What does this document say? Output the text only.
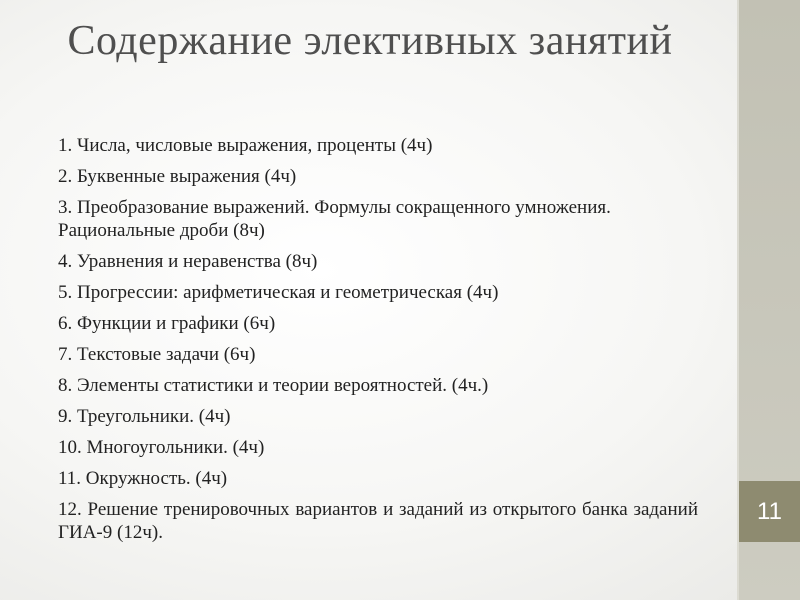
11
Содержание элективных занятий

1. Числа, числовые выражения, проценты (4ч)

2. Буквенные выражения (4ч)

3. Преобразование выражений. Формулы сокращенного умножения. Рациональные дроби (8ч)

4. Уравнения и неравенства (8ч)

5. Прогрессии: арифметическая и геометрическая (4ч)

6. Функции и графики (6ч)

7. Текстовые задачи (6ч)

8. Элементы статистики и теории вероятностей. (4ч.)

9. Треугольники. (4ч)

10. Многоугольники. (4ч)

11. Окружность. (4ч)

12. Решение тренировочных вариантов и заданий из открытого банка заданий ГИА-9 (12ч).
